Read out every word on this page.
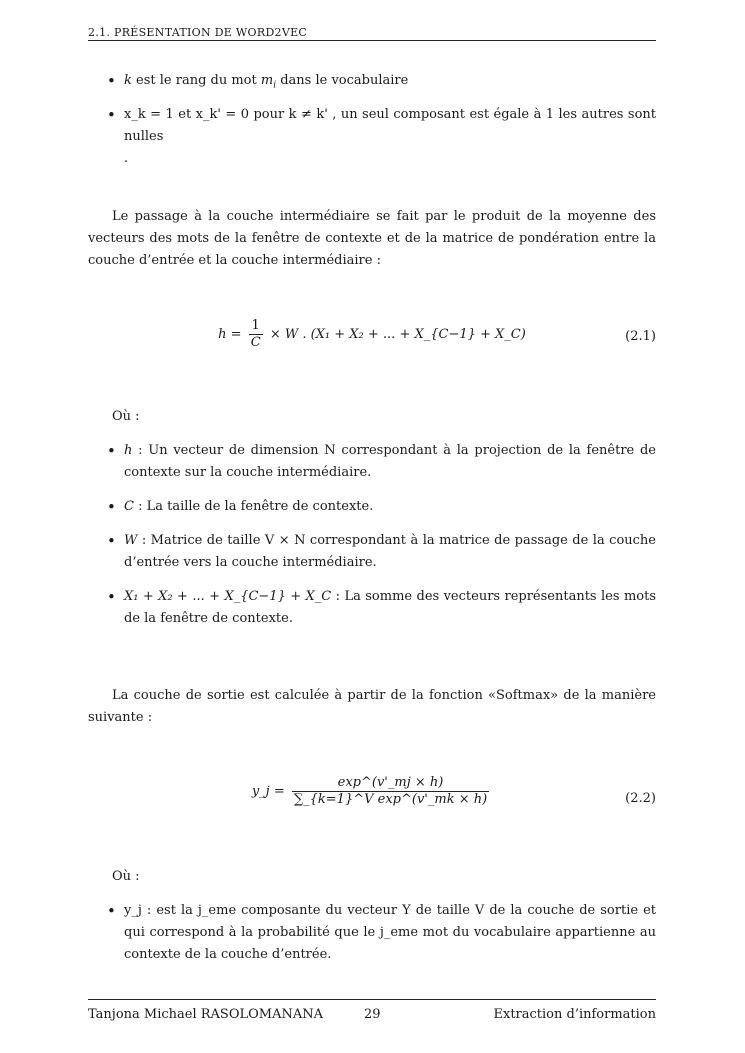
2.1. PRÉSENTATION DE WORD2VEC
• k est le rang du mot $m_i$ dans le vocabulaire
• x_k = 1 et x_k' = 0 pour k ≠ k' , un seul composant est égale à 1 les autres sont nulles
.
Le passage à la couche intermédiaire se fait par le produit de la moyenne des vecteurs des mots de la fenêtre de contexte et de la matrice de pondération entre la couche d’entrée et la couche intermédiaire :
$h = \frac{1}{C} \times W$ . (X₁ + X₂ + ... + X_{C−1} + X_C)	(2.1)
Où :
• h : Un vecteur de dimension N correspondant à la projection de la fenêtre de contexte sur la couche intermédiaire.
• C : La taille de la fenêtre de contexte.
• W : Matrice de taille V × N correspondant à la matrice de passage de la couche d’entrée vers la couche intermédiaire.
• X₁ + X₂ + ... + X_{C−1} + X_C : La somme des vecteurs représentants les mots de la fenêtre de contexte.
La couche de sortie est calculée à partir de la fonction «Softmax» de la manière suivante :
y_j = $\frac{\exp\^{}(v'\_mj \times h)}{\text{∑\_\{k=1\}\textasciicircum{}V exp\textasciicircum{}(v'\_mk × h)}}$	(2.2)
Où :
• y_j : est la j_eme composante du vecteur Y de taille V de la couche de sortie et qui correspond à la probabilité que le j_eme mot du vocabulaire appartienne au contexte de la couche d’entrée.
Tanjona Michael RASOLOMANANA	29	Extraction d’information
